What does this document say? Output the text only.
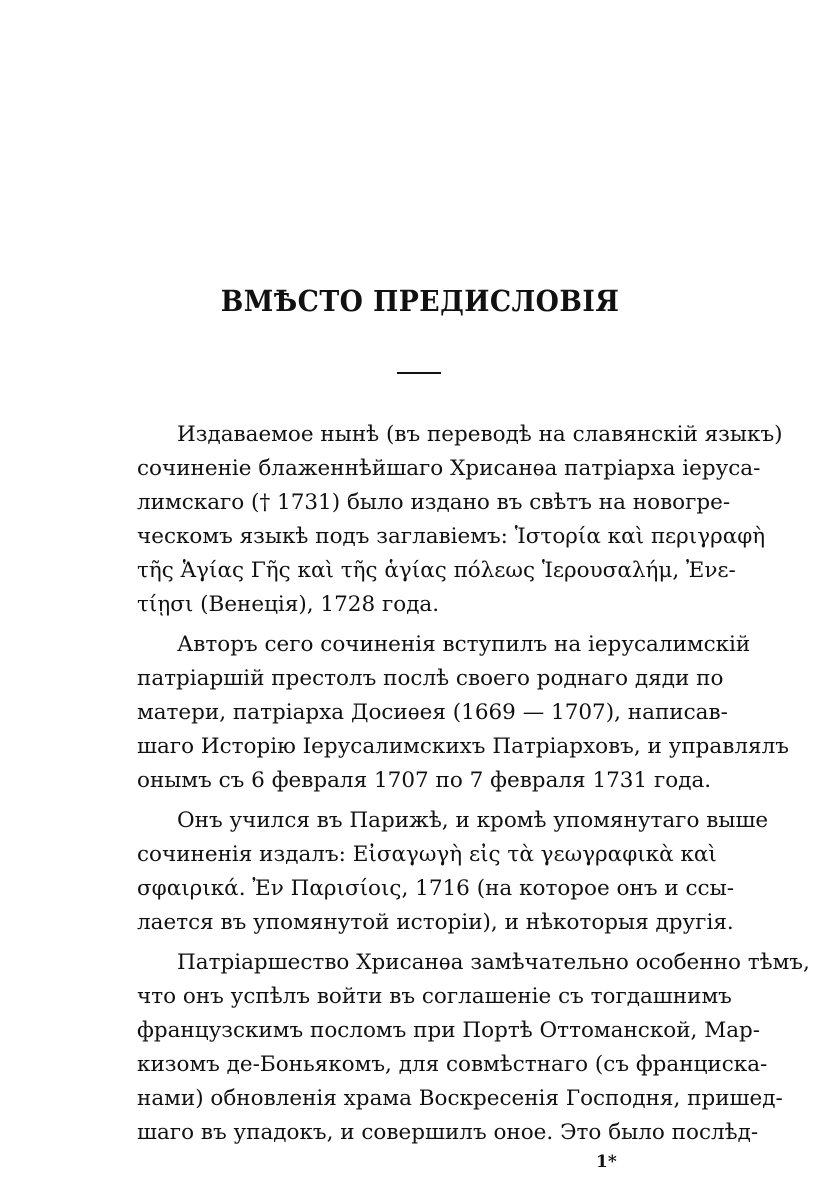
ВМѢСТО ПРЕДИСЛОВІЯ
Издаваемое нынѣ (въ переводѣ на славянскій языкъ)
сочиненіе блаженнѣйшаго Хрисанѳа патріарха іеруса-
лимскаго († 1731) было издано въ свѣтъ на новогре-
ческомъ языкѣ подъ заглавіемъ: Ἱστορία καὶ περιγραφὴ
τῆς Ἁγίας Γῆς καὶ τῆς ἁγίας πόλεως Ἱερουσαλήμ, Ἐνε-
τίῃσι (Венеція), 1728 года.
Авторъ сего сочиненія вступилъ на іерусалимскій
патріаршій престолъ послѣ своего роднаго дяди по
матери, патріарха Досиѳея (1669 — 1707), написав-
шаго Исторію Іерусалимскихъ Патріарховъ, и управлялъ
онымъ съ 6 февраля 1707 по 7 февраля 1731 года.
Онъ учился въ Парижѣ, и кромѣ упомянутаго выше
сочиненія издалъ: Εἰσαγωγὴ εἰς τὰ γεωγραφικὰ καὶ
σφαιρικά. Ἐν Παρισίοις, 1716 (на которое онъ и ссы-
лается въ упомянутой исторіи), и нѣкоторыя другія.
Патріаршество Хрисанѳа замѣчательно особенно тѣмъ,
что онъ успѣлъ войти въ соглашеніе съ тогдашнимъ
французскимъ посломъ при Портѣ Оттоманской, Мар-
кизомъ де-Боньякомъ, для совмѣстнаго (съ франциска-
нами) обновленія храма Воскресенія Господня, пришед-
шаго въ упадокъ, и совершилъ оное. Это было послѣд-
1*
